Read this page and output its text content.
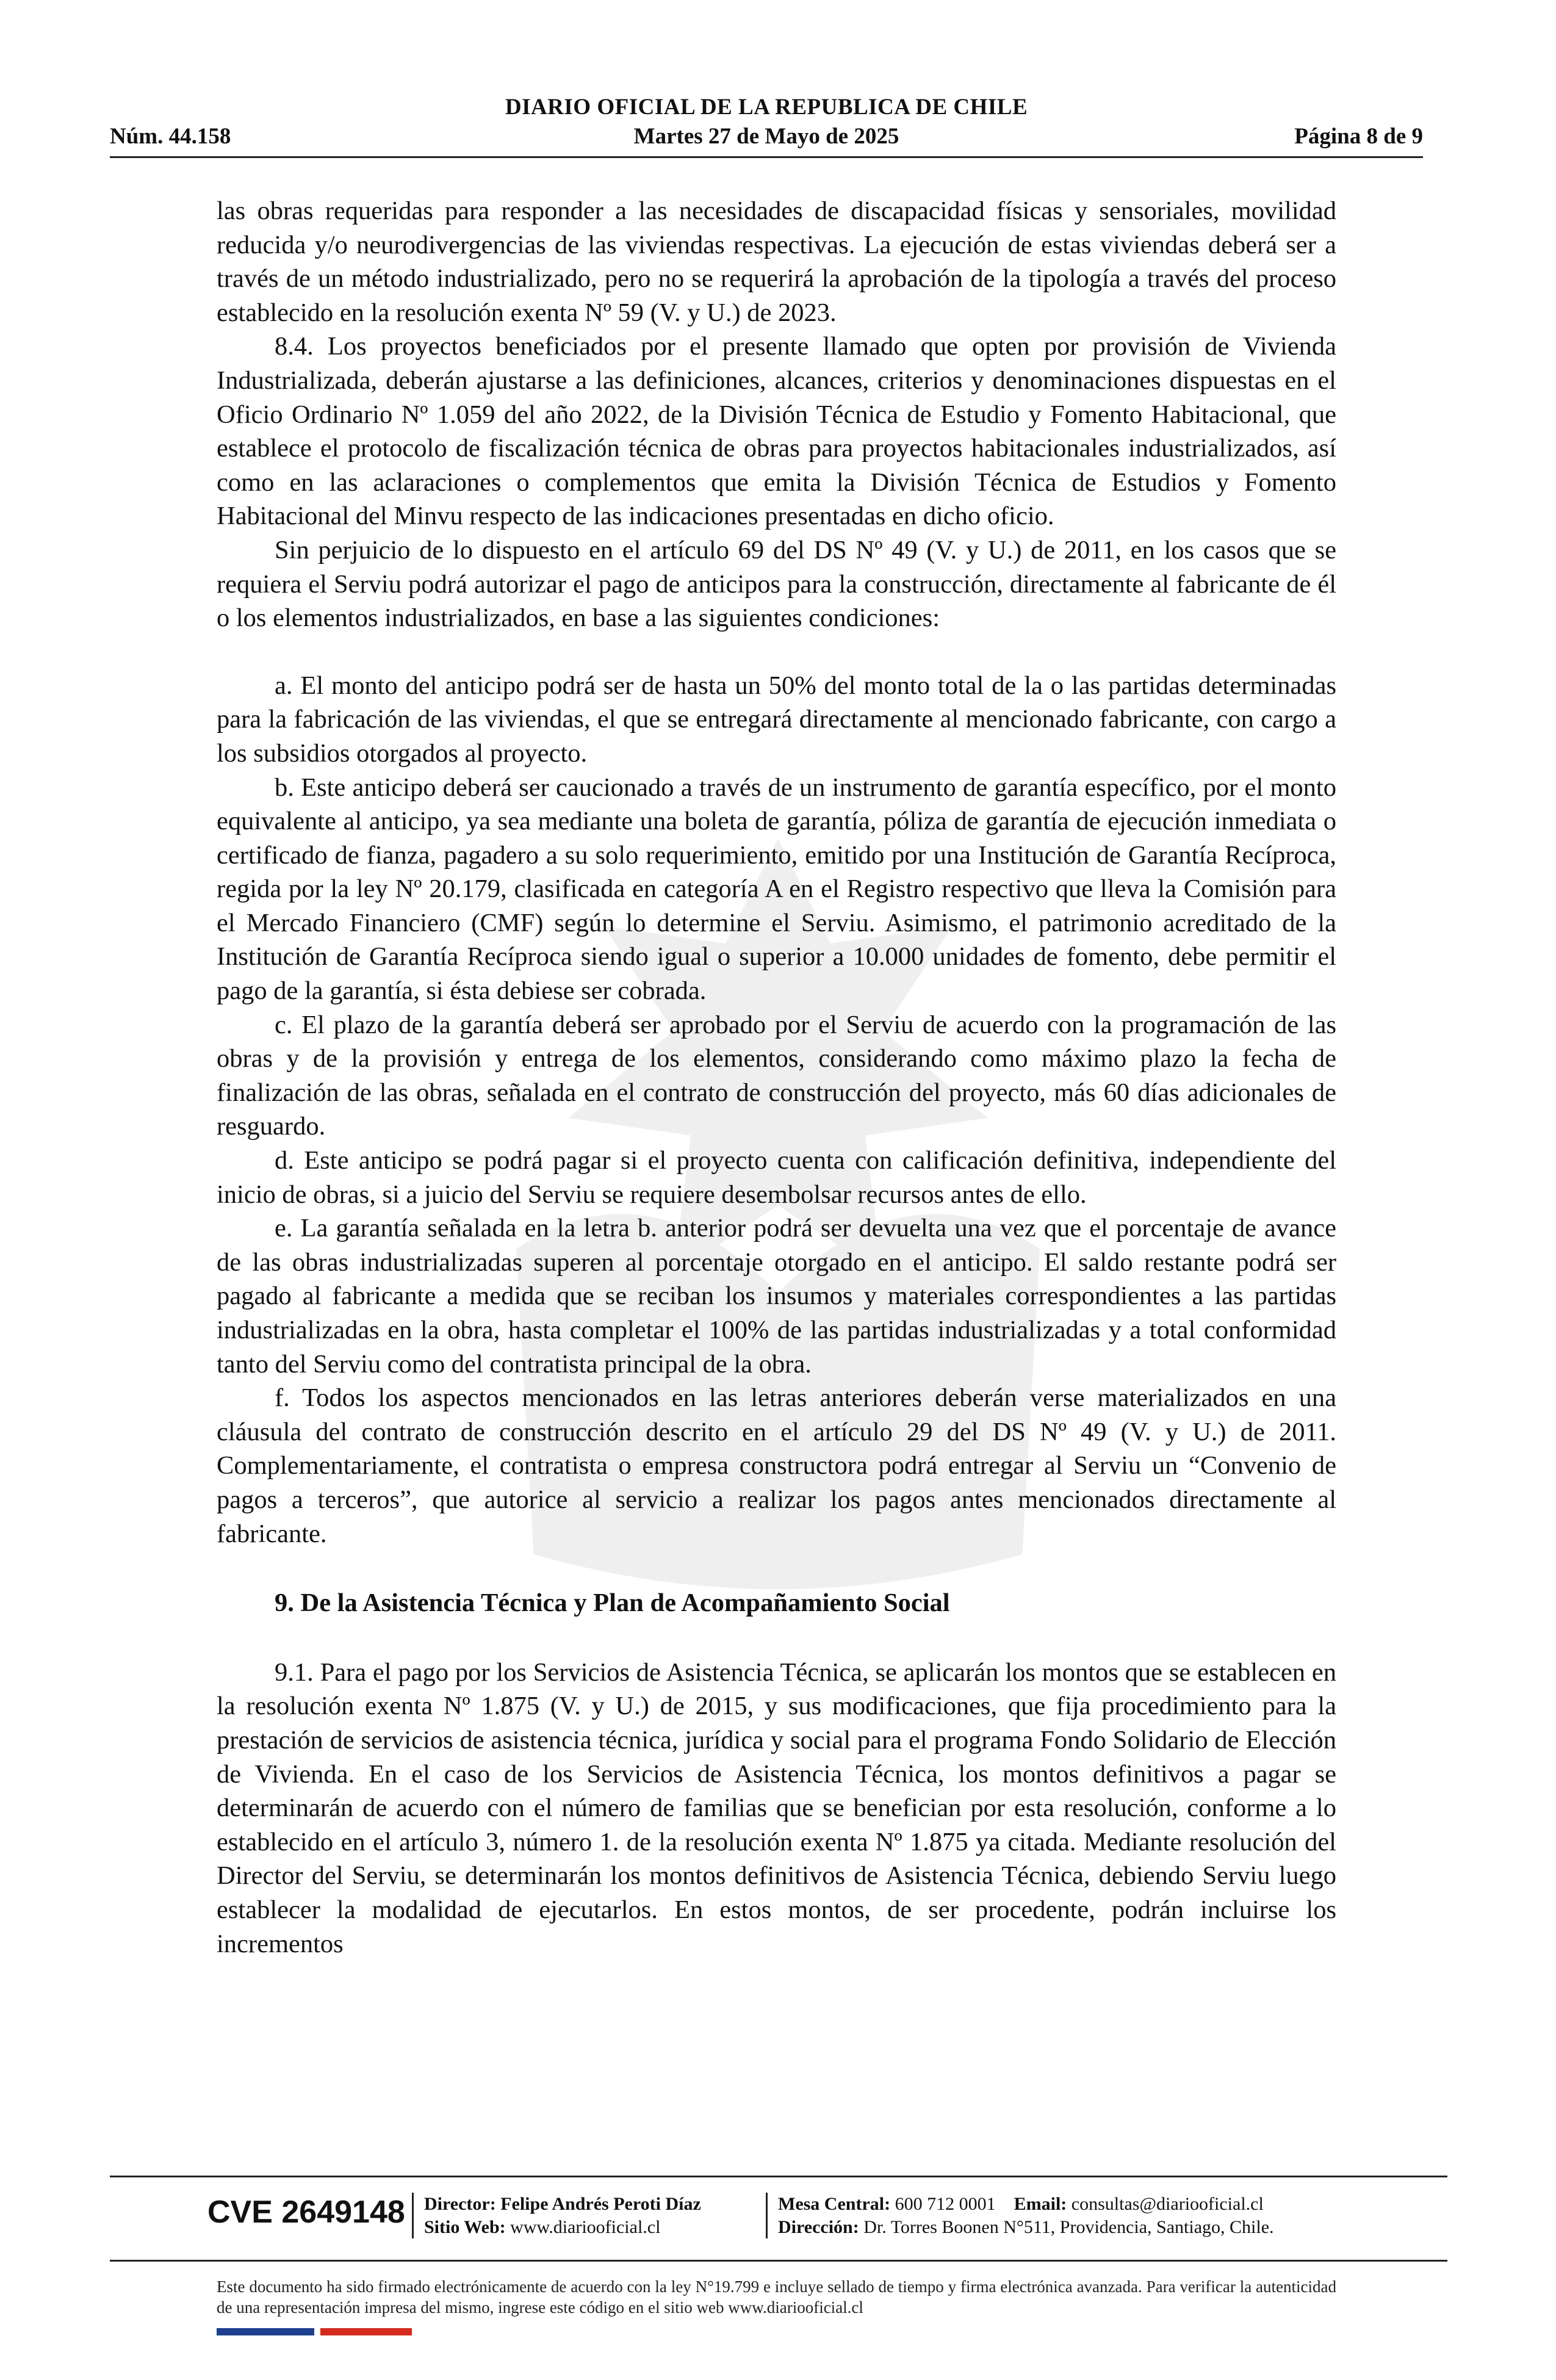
DIARIO OFICIAL DE LA REPUBLICA DE CHILE
Núm. 44.158	Martes 27 de Mayo de 2025	Página 8 de 9

las obras requeridas para responder a las necesidades de discapacidad físicas y sensoriales, movilidad reducida y/o neurodivergencias de las viviendas respectivas. La ejecución de estas viviendas deberá ser a través de un método industrializado, pero no se requerirá la aprobación de la tipología a través del proceso establecido en la resolución exenta Nº 59 (V. y U.) de 2023.

8.4. Los proyectos beneficiados por el presente llamado que opten por provisión de Vivienda Industrializada, deberán ajustarse a las definiciones, alcances, criterios y denominaciones dispuestas en el Oficio Ordinario Nº 1.059 del año 2022, de la División Técnica de Estudio y Fomento Habitacional, que establece el protocolo de fiscalización técnica de obras para proyectos habitacionales industrializados, así como en las aclaraciones o complementos que emita la División Técnica de Estudios y Fomento Habitacional del Minvu respecto de las indicaciones presentadas en dicho oficio.

Sin perjuicio de lo dispuesto en el artículo 69 del DS Nº 49 (V. y U.) de 2011, en los casos que se requiera el Serviu podrá autorizar el pago de anticipos para la construcción, directamente al fabricante de él o los elementos industrializados, en base a las siguientes condiciones:

a. El monto del anticipo podrá ser de hasta un 50% del monto total de la o las partidas determinadas para la fabricación de las viviendas, el que se entregará directamente al mencionado fabricante, con cargo a los subsidios otorgados al proyecto.

b. Este anticipo deberá ser caucionado a través de un instrumento de garantía específico, por el monto equivalente al anticipo, ya sea mediante una boleta de garantía, póliza de garantía de ejecución inmediata o certificado de fianza, pagadero a su solo requerimiento, emitido por una Institución de Garantía Recíproca, regida por la ley Nº 20.179, clasificada en categoría A en el Registro respectivo que lleva la Comisión para el Mercado Financiero (CMF) según lo determine el Serviu. Asimismo, el patrimonio acreditado de la Institución de Garantía Recíproca siendo igual o superior a 10.000 unidades de fomento, debe permitir el pago de la garantía, si ésta debiese ser cobrada.

c. El plazo de la garantía deberá ser aprobado por el Serviu de acuerdo con la programación de las obras y de la provisión y entrega de los elementos, considerando como máximo plazo la fecha de finalización de las obras, señalada en el contrato de construcción del proyecto, más 60 días adicionales de resguardo.

d. Este anticipo se podrá pagar si el proyecto cuenta con calificación definitiva, independiente del inicio de obras, si a juicio del Serviu se requiere desembolsar recursos antes de ello.

e. La garantía señalada en la letra b. anterior podrá ser devuelta una vez que el porcentaje de avance de las obras industrializadas superen al porcentaje otorgado en el anticipo. El saldo restante podrá ser pagado al fabricante a medida que se reciban los insumos y materiales correspondientes a las partidas industrializadas en la obra, hasta completar el 100% de las partidas industrializadas y a total conformidad tanto del Serviu como del contratista principal de la obra.

f. Todos los aspectos mencionados en las letras anteriores deberán verse materializados en una cláusula del contrato de construcción descrito en el artículo 29 del DS Nº 49 (V. y U.) de 2011. Complementariamente, el contratista o empresa constructora podrá entregar al Serviu un “Convenio de pagos a terceros”, que autorice al servicio a realizar los pagos antes mencionados directamente al fabricante.

9. De la Asistencia Técnica y Plan de Acompañamiento Social

9.1. Para el pago por los Servicios de Asistencia Técnica, se aplicarán los montos que se establecen en la resolución exenta Nº 1.875 (V. y U.) de 2015, y sus modificaciones, que fija procedimiento para la prestación de servicios de asistencia técnica, jurídica y social para el programa Fondo Solidario de Elección de Vivienda. En el caso de los Servicios de Asistencia Técnica, los montos definitivos a pagar se determinarán de acuerdo con el número de familias que se benefician por esta resolución, conforme a lo establecido en el artículo 3, número 1. de la resolución exenta Nº 1.875 ya citada. Mediante resolución del Director del Serviu, se determinarán los montos definitivos de Asistencia Técnica, debiendo Serviu luego establecer la modalidad de ejecutarlos. En estos montos, de ser procedente, podrán incluirse los incrementos

CVE 2649148 Director: Felipe Andrés Peroti Díaz
Sitio Web: www.diariooficial.cl
Mesa Central: 600 712 0001 Email: consultas@diariooficial.cl
Dirección: Dr. Torres Boonen N°511, Providencia, Santiago, Chile.
Este documento ha sido firmado electrónicamente de acuerdo con la ley N°19.799 e incluye sellado de tiempo y firma electrónica avanzada. Para verificar la autenticidad de una representación impresa del mismo, ingrese este código en el sitio web www.diariooficial.cl
